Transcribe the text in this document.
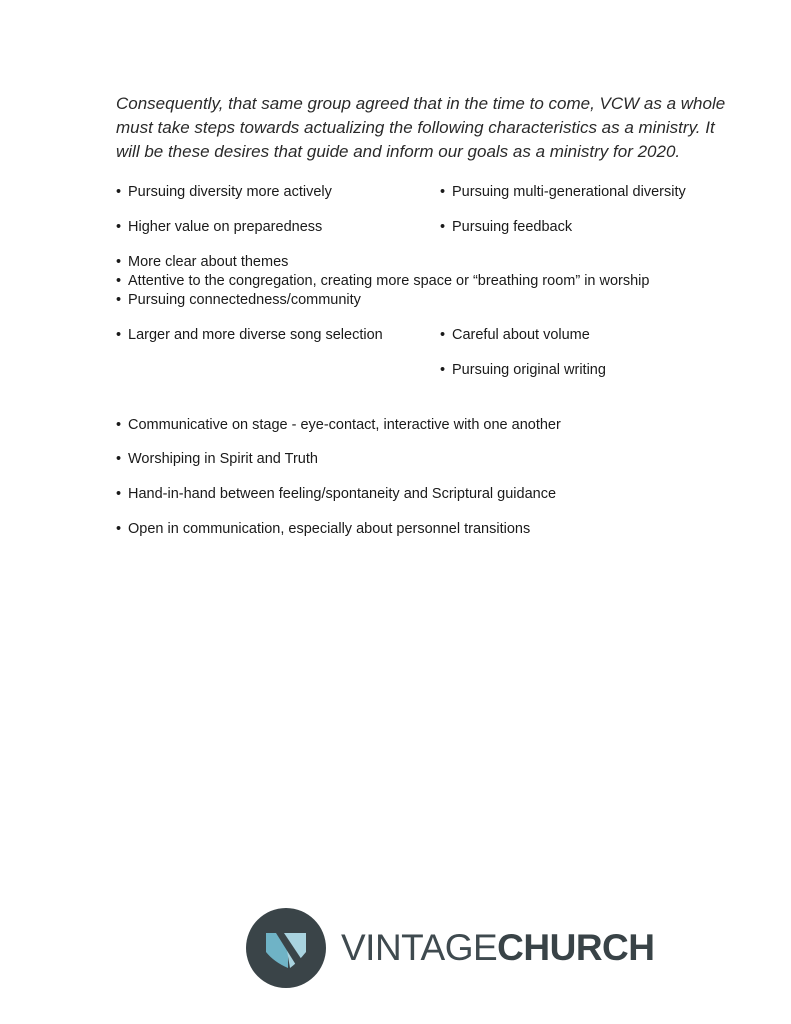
Consequently, that same group agreed that in the time to come, VCW as a whole must take steps towards actualizing the following characteristics as a ministry. It will be these desires that guide and inform our goals as a ministry for 2020.

• Pursuing diversity more actively	• Pursuing multi-generational diversity
• Higher value on preparedness	• Pursuing feedback
• More clear about themes
• Attentive to the congregation, creating more space or “breathing room” in worship
• Pursuing connectedness/community
• Larger and more diverse song selection	• Careful about volume
• Pursuing original writing
• Communicative on stage - eye-contact, interactive with one another
• Worshiping in Spirit and Truth
• Hand-in-hand between feeling/spontaneity and Scriptural guidance
• Open in communication, especially about personnel transitions
VINTAGECHURCH
